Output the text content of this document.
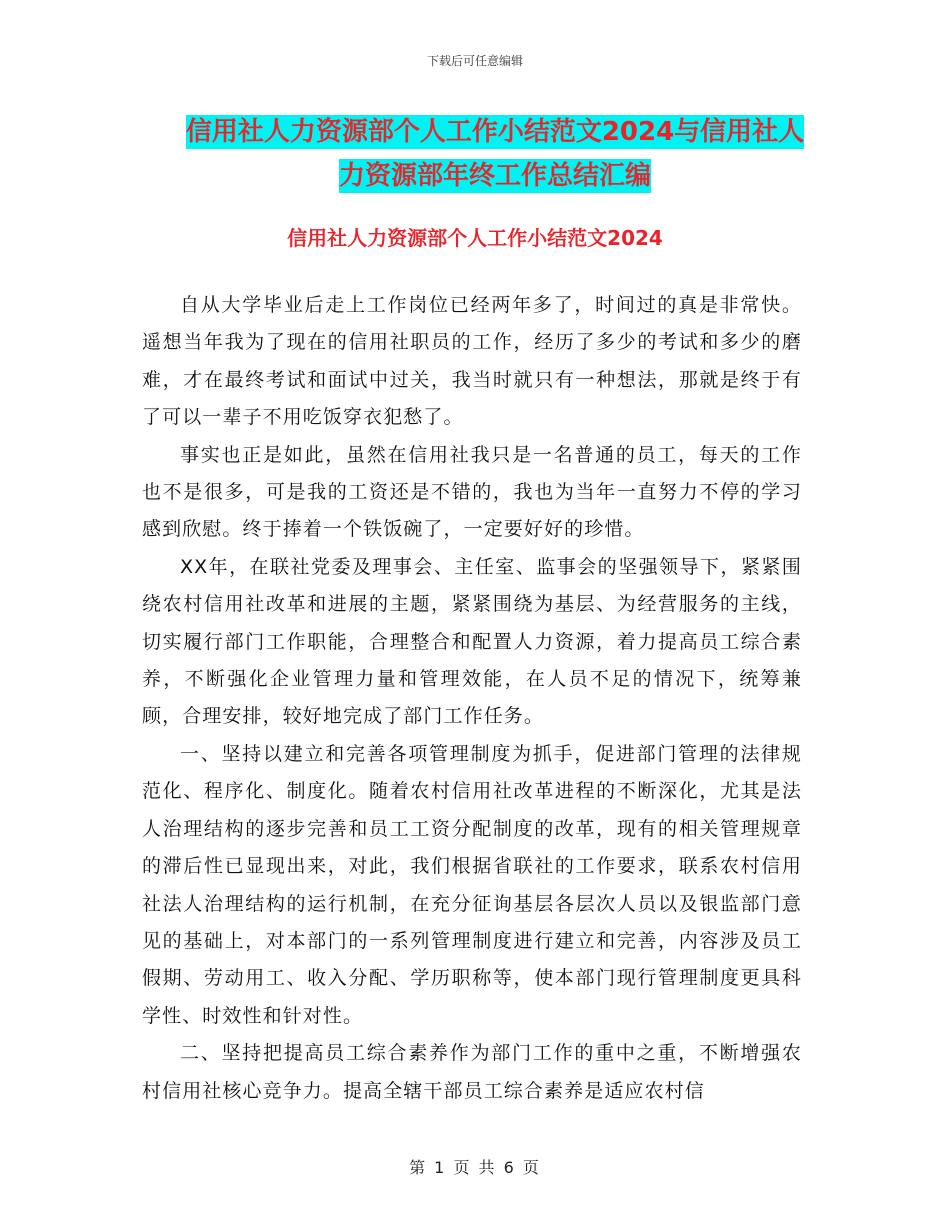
下载后可任意编辑
信用社人力资源部个人工作小结范文2024与信用社人
力资源部年终工作总结汇编
信用社人力资源部个人工作小结范文2024

自从大学毕业后走上工作岗位已经两年多了，时间过的真是非常快。遥想当年我为了现在的信用社职员的工作，经历了多少的考试和多少的磨难，才在最终考试和面试中过关，我当时就只有一种想法，那就是终于有了可以一辈子不用吃饭穿衣犯愁了。

事实也正是如此，虽然在信用社我只是一名普通的员工，每天的工作也不是很多，可是我的工资还是不错的，我也为当年一直努力不停的学习感到欣慰。终于捧着一个铁饭碗了，一定要好好的珍惜。

XX年，在联社党委及理事会、主任室、监事会的坚强领导下，紧紧围绕农村信用社改革和进展的主题，紧紧围绕为基层、为经营服务的主线，切实履行部门工作职能，合理整合和配置人力资源，着力提高员工综合素养，不断强化企业管理力量和管理效能，在人员不足的情况下，统筹兼顾，合理安排，较好地完成了部门工作任务。

一、坚持以建立和完善各项管理制度为抓手，促进部门管理的法律规范化、程序化、制度化。随着农村信用社改革进程的不断深化，尤其是法人治理结构的逐步完善和员工工资分配制度的改革，现有的相关管理规章的滞后性已显现出来，对此，我们根据省联社的工作要求，联系农村信用社法人治理结构的运行机制，在充分征询基层各层次人员以及银监部门意见的基础上，对本部门的一系列管理制度进行建立和完善，内容涉及员工假期、劳动用工、收入分配、学历职称等，使本部门现行管理制度更具科学性、时效性和针对性。

二、坚持把提高员工综合素养作为部门工作的重中之重，不断增强农村信用社核心竞争力。提高全辖干部员工综合素养是适应农村信

第 1 页 共 6 页
